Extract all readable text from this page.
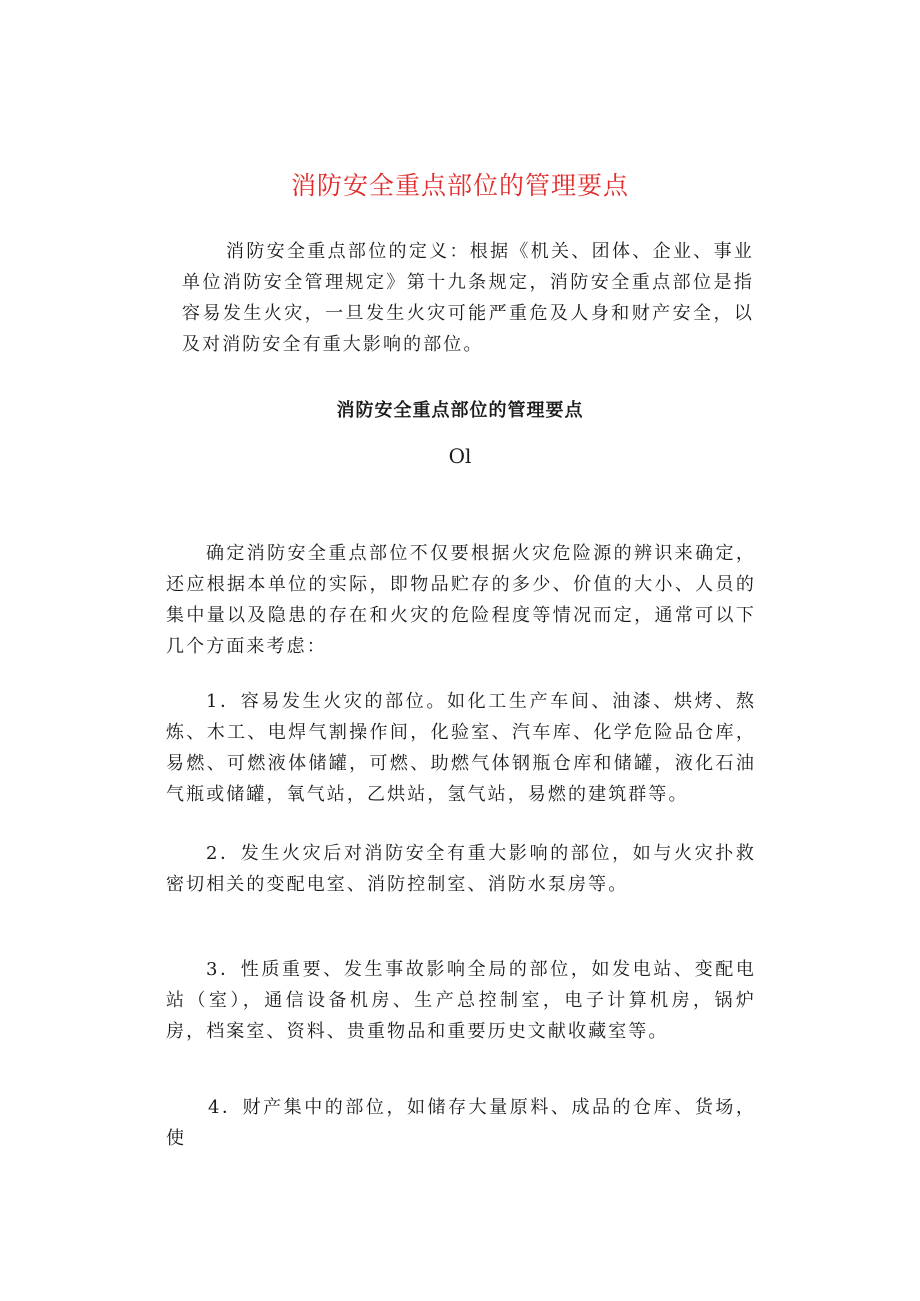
消防安全重点部位的管理要点

消防安全重点部位的定义：根据《机关、团体、企业、事业单位消防安全管理规定》第十九条规定，消防安全重点部位是指容易发生火灾，一旦发生火灾可能严重危及人身和财产安全，以及对消防安全有重大影响的部位。

消防安全重点部位的管理要点

Ol

确定消防安全重点部位不仅要根据火灾危险源的辨识来确定，还应根据本单位的实际，即物品贮存的多少、价值的大小、人员的集中量以及隐患的存在和火灾的危险程度等情况而定，通常可以下几个方面来考虑：

1．容易发生火灾的部位。如化工生产车间、油漆、烘烤、熬炼、木工、电焊气割操作间，化验室、汽车库、化学危险品仓库，易燃、可燃液体储罐，可燃、助燃气体钢瓶仓库和储罐，液化石油气瓶或储罐，氧气站，乙烘站，氢气站，易燃的建筑群等。

2．发生火灾后对消防安全有重大影响的部位，如与火灾扑救密切相关的变配电室、消防控制室、消防水泵房等。

3．性质重要、发生事故影响全局的部位，如发电站、变配电站（室），通信设备机房、生产总控制室，电子计算机房，锅炉房，档案室、资料、贵重物品和重要历史文献收藏室等。

4．财产集中的部位，如储存大量原料、成品的仓库、货场，使
